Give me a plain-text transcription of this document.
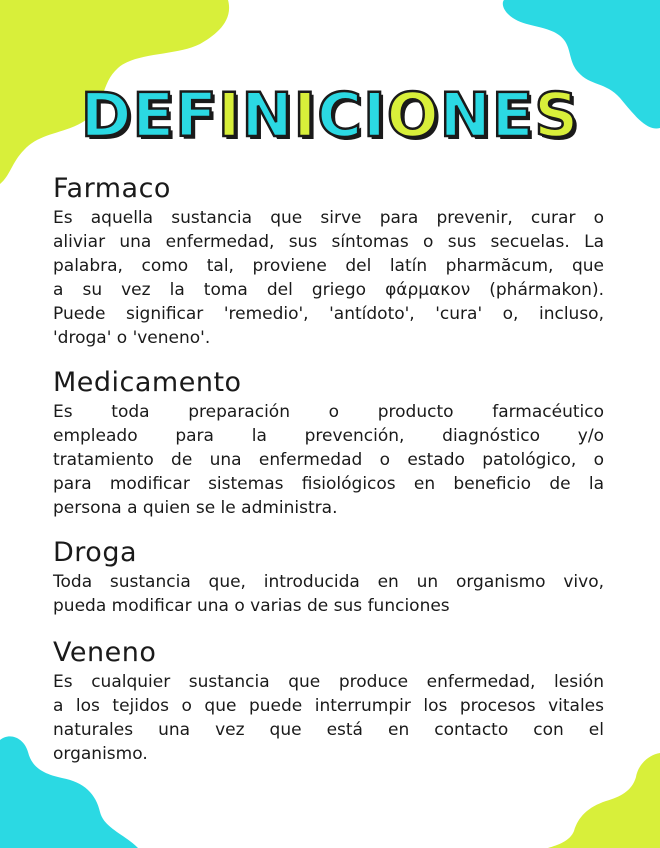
DEFINICIONES
Farmaco
Es aquella sustancia que sirve para prevenir, curar o
aliviar una enfermedad, sus síntomas o sus secuelas. La
palabra, como tal, proviene del latín pharmăcum, que
a su vez la toma del griego φάρμακον (phármakon).
Puede significar 'remedio', 'antídoto', 'cura' o, incluso,
'droga' o 'veneno'.
Medicamento
Es toda preparación o producto farmacéutico
empleado para la prevención, diagnóstico y/o
tratamiento de una enfermedad o estado patológico, o
para modificar sistemas fisiológicos en beneficio de la
persona a quien se le administra.
Droga
Toda sustancia que, introducida en un organismo vivo,
pueda modificar una o varias de sus funciones
Veneno
Es cualquier sustancia que produce enfermedad, lesión
a los tejidos o que puede interrumpir los procesos vitales
naturales una vez que está en contacto con el
organismo.
